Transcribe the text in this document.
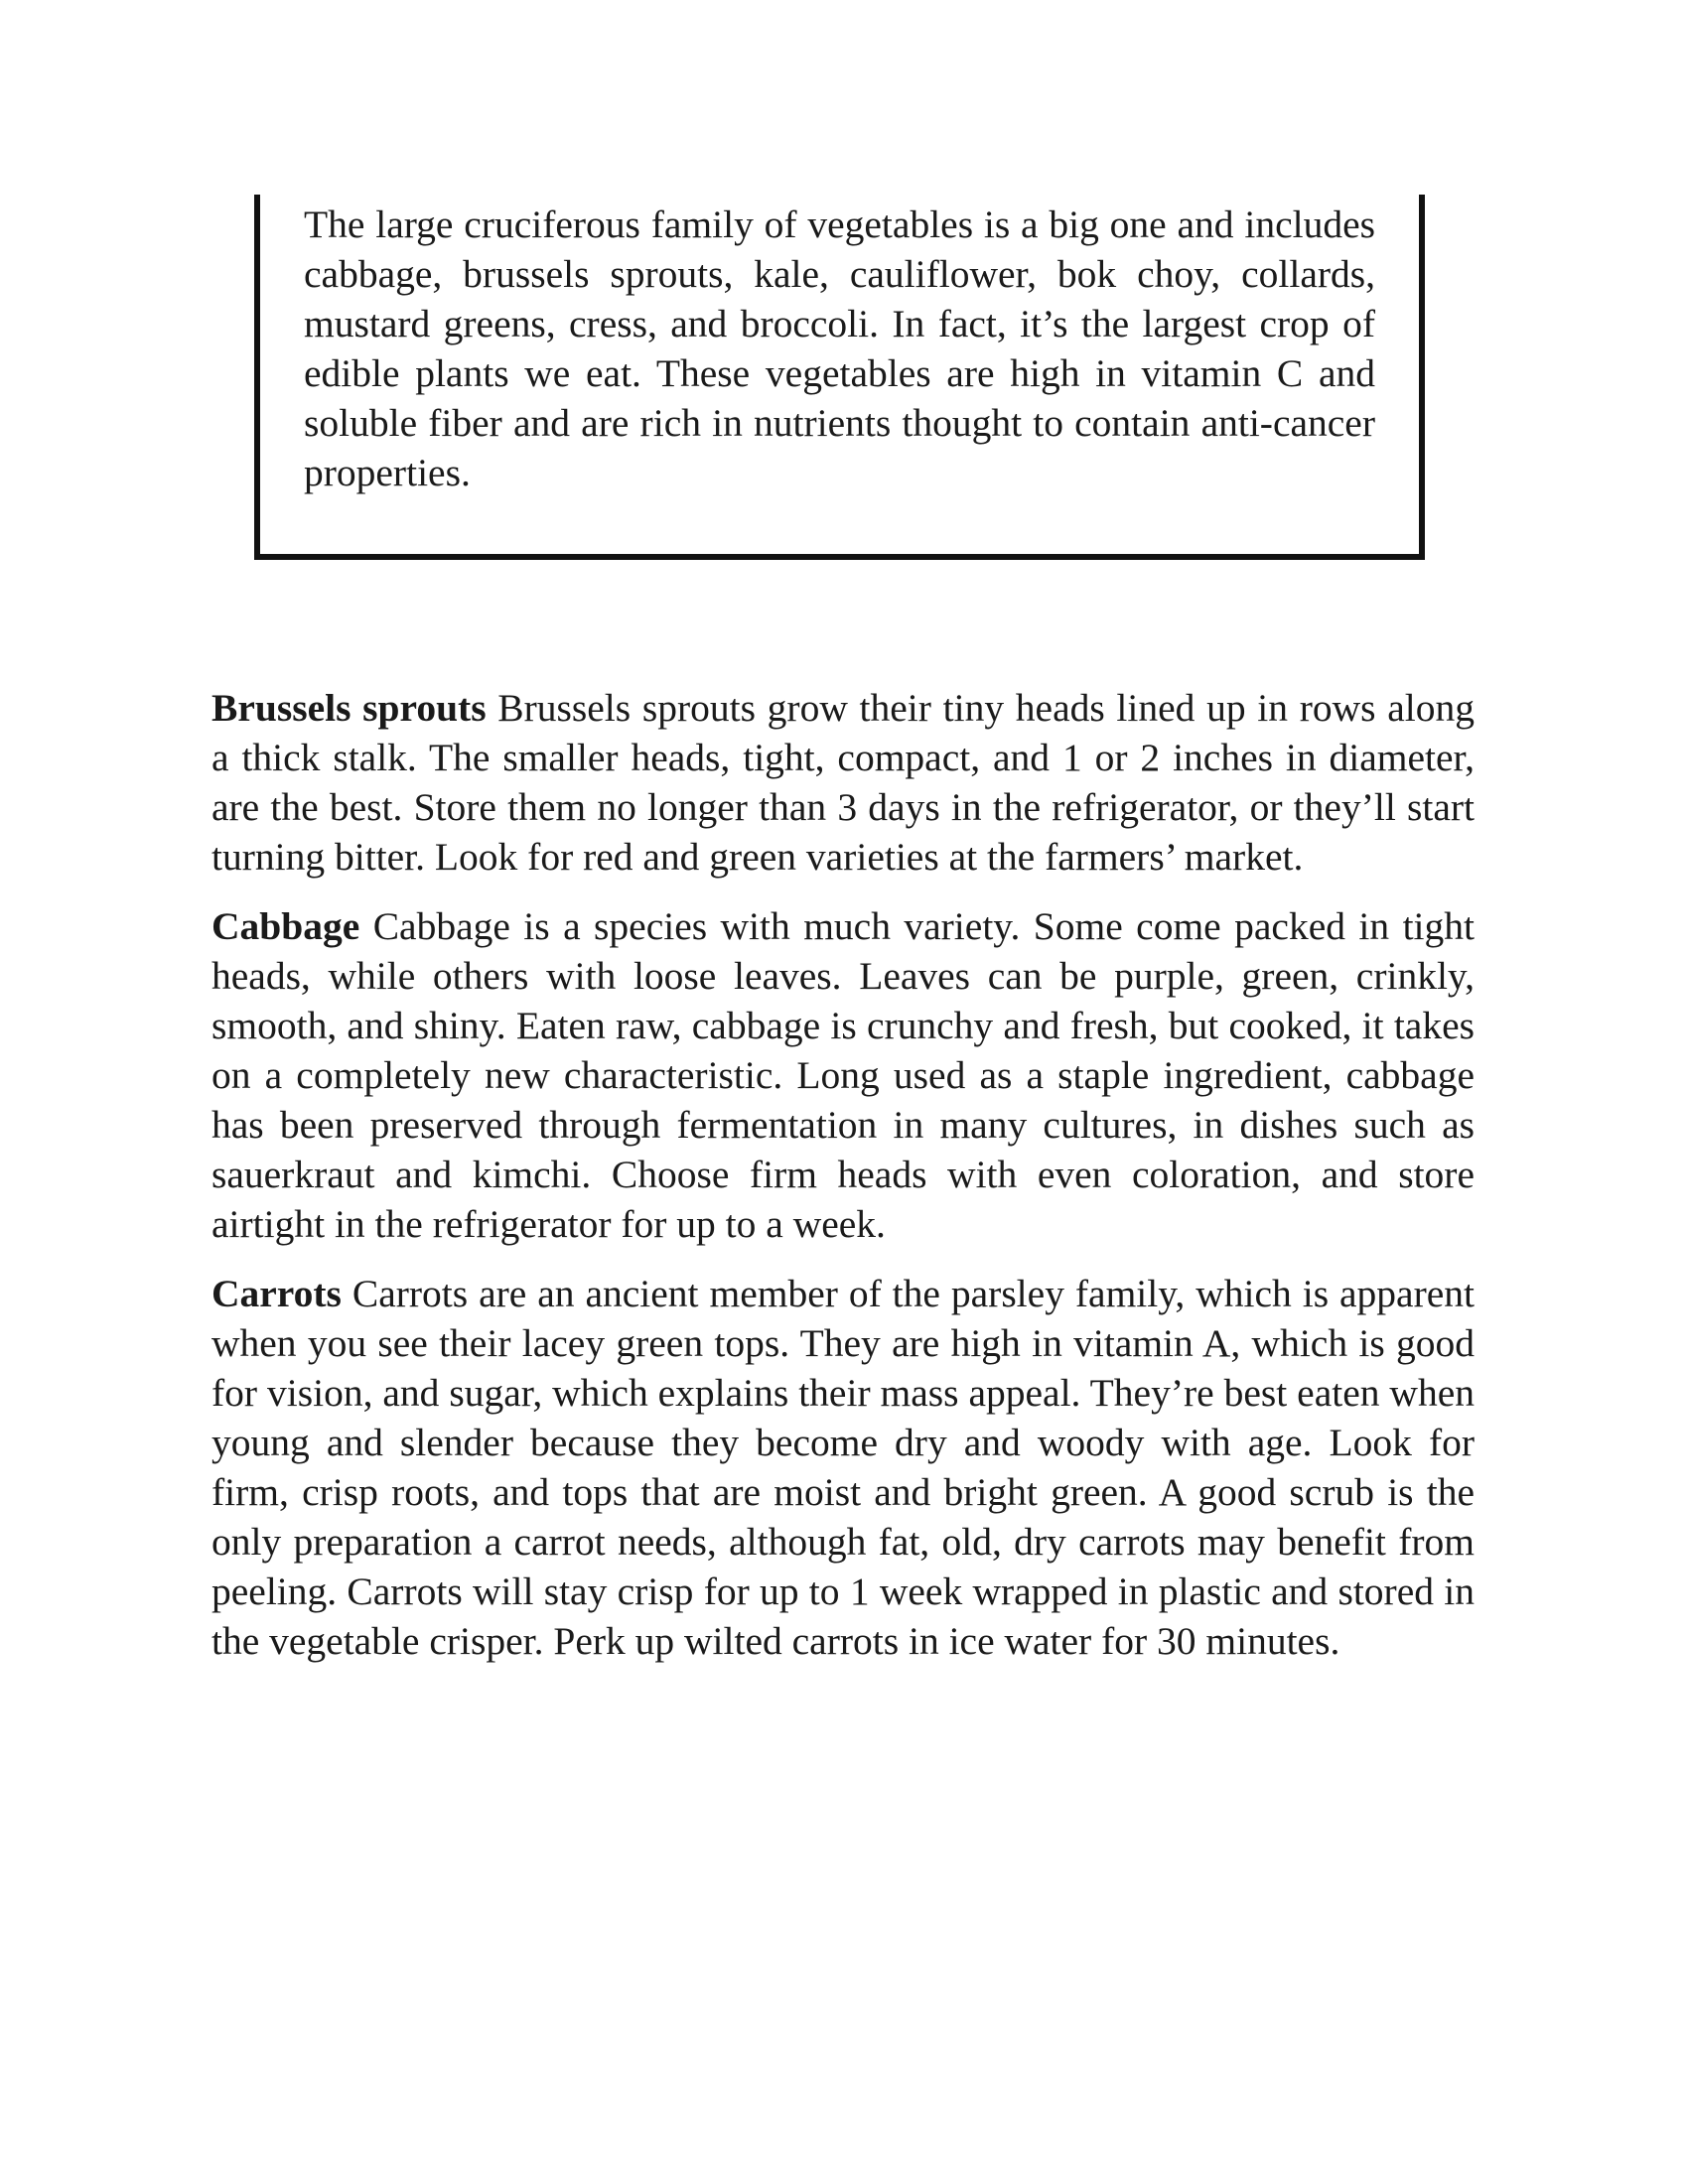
The large cruciferous family of vegetables is a big one and includes cabbage, brussels sprouts, kale, cauliflower, bok choy, collards, mustard greens, cress, and broccoli. In fact, it’s the largest crop of edible plants we eat. These vegetables are high in vitamin C and soluble fiber and are rich in nutrients thought to contain anti-cancer properties.

Brussels sprouts Brussels sprouts grow their tiny heads lined up in rows along a thick stalk. The smaller heads, tight, compact, and 1 or 2 inches in diameter, are the best. Store them no longer than 3 days in the refrigerator, or they’ll start turning bitter. Look for red and green varieties at the farmers’ market.

Cabbage Cabbage is a species with much variety. Some come packed in tight heads, while others with loose leaves. Leaves can be purple, green, crinkly, smooth, and shiny. Eaten raw, cabbage is crunchy and fresh, but cooked, it takes on a completely new characteristic. Long used as a staple ingredient, cabbage has been preserved through fermentation in many cultures, in dishes such as sauerkraut and kimchi. Choose firm heads with even coloration, and store airtight in the refrigerator for up to a week.

Carrots Carrots are an ancient member of the parsley family, which is apparent when you see their lacey green tops. They are high in vitamin A, which is good for vision, and sugar, which explains their mass appeal. They’re best eaten when young and slender because they become dry and woody with age. Look for firm, crisp roots, and tops that are moist and bright green. A good scrub is the only preparation a carrot needs, although fat, old, dry carrots may benefit from peeling. Carrots will stay crisp for up to 1 week wrapped in plastic and stored in the vegetable crisper. Perk up wilted carrots in ice water for 30 minutes.
